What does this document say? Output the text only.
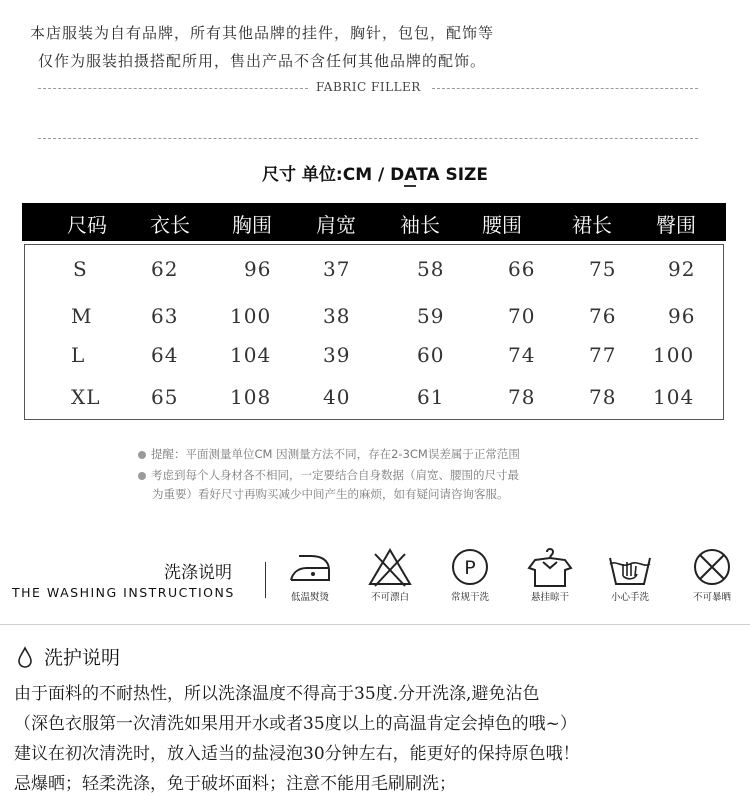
本店服装为自有品牌，所有其他品牌的挂件，胸针，包包，配饰等
仅作为服装拍摄搭配所用，售出产品不含任何其他品牌的配饰。
FABRIC FILLER
尺寸 单位:CM / DATA SIZE
尺码 衣长 胸围 肩宽 袖长 腰围	裙长 臀围
S	62	96	37	58	66	75	92
M	63	100	38	59	70	76	96
L	64	104	39	60	74	77 100
XL	65	108	40	61	78	78 104
提醒：平面测量单位CM 因测量方法不同，存在2-3CM误差属于正常范围
考虑到每个人身材各不相同，一定要结合自身数据（肩宽、腰围的尺寸最
为重要）看好尺寸再购买减少中间产生的麻烦，如有疑问请咨询客服。
洗涤说明
THE WASHING INSTRUCTIONS	低温熨烫	不可漂白
P
常规干洗	悬挂晾干	小心手洗	不可暴晒
洗护说明
由于面料的不耐热性，所以洗涤温度不得高于35度.分开洗涤,避免沾色
（深色衣服第一次清洗如果用开水或者35度以上的高温肯定会掉色的哦~）
建议在初次清洗时，放入适当的盐浸泡30分钟左右，能更好的保持原色哦！
忌爆晒；轻柔洗涤，免于破坏面料；注意不能用毛刷刷洗；
